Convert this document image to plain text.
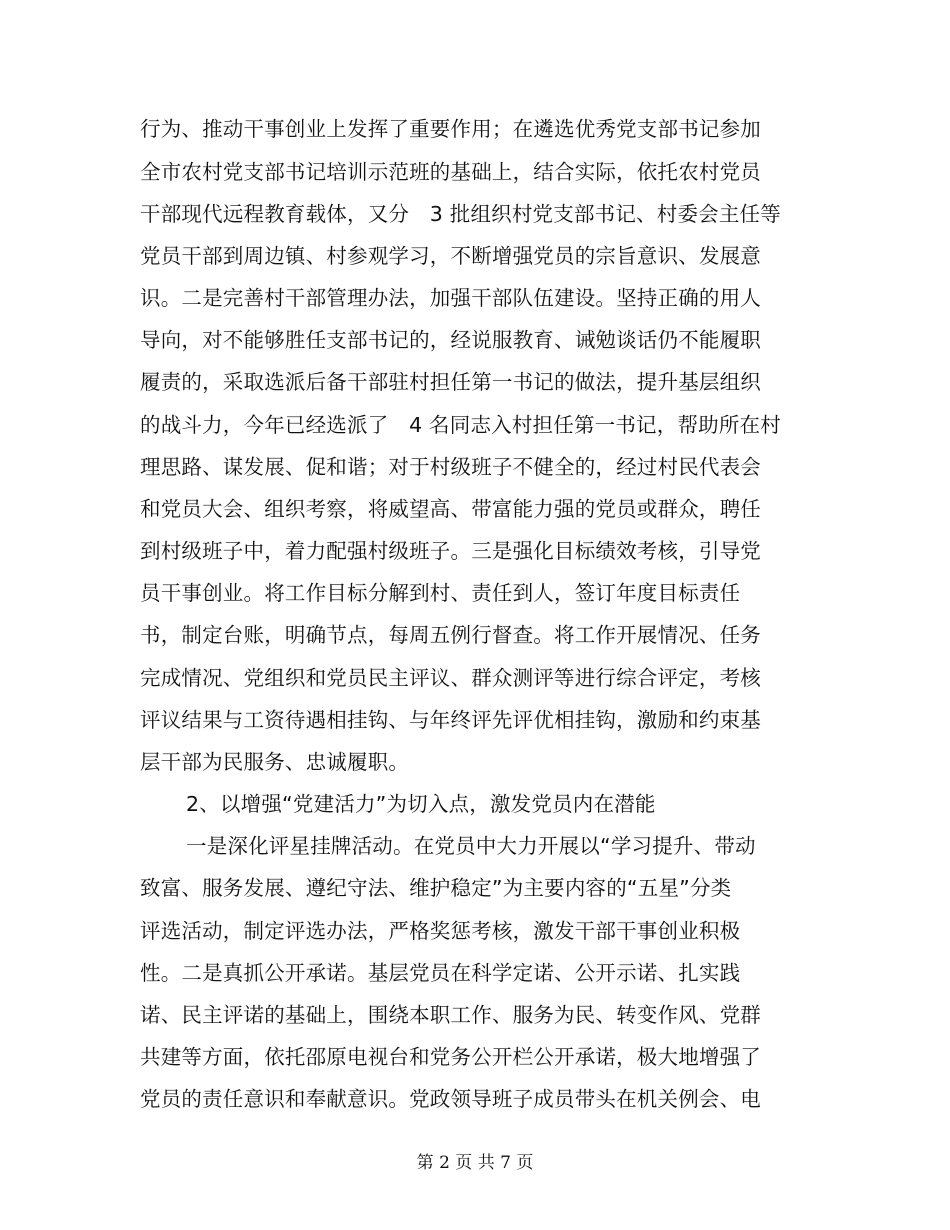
行为、推动干事创业上发挥了重要作用；在遴选优秀党支部书记参加
全市农村党支部书记培训示范班的基础上，结合实际，依托农村党员
干部现代远程教育载体，又分　3 批组织村党支部书记、村委会主任等
党员干部到周边镇、村参观学习，不断增强党员的宗旨意识、发展意
识。二是完善村干部管理办法，加强干部队伍建设。坚持正确的用人
导向，对不能够胜任支部书记的，经说服教育、诫勉谈话仍不能履职
履责的，采取选派后备干部驻村担任第一书记的做法，提升基层组织
的战斗力，今年已经选派了　4 名同志入村担任第一书记，帮助所在村
理思路、谋发展、促和谐；对于村级班子不健全的，经过村民代表会
和党员大会、组织考察，将威望高、带富能力强的党员或群众，聘任
到村级班子中，着力配强村级班子。三是强化目标绩效考核，引导党
员干事创业。将工作目标分解到村、责任到人，签订年度目标责任
书，制定台账，明确节点，每周五例行督查。将工作开展情况、任务
完成情况、党组织和党员民主评议、群众测评等进行综合评定，考核
评议结果与工资待遇相挂钩、与年终评先评优相挂钩，激励和约束基
层干部为民服务、忠诚履职。
2、以增强“党建活力”为切入点，激发党员内在潜能
一是深化评星挂牌活动。在党员中大力开展以“学习提升、带动
致富、服务发展、遵纪守法、维护稳定”为主要内容的“五星”分类
评选活动，制定评选办法，严格奖惩考核，激发干部干事创业积极
性。二是真抓公开承诺。基层党员在科学定诺、公开示诺、扎实践
诺、民主评诺的基础上，围绕本职工作、服务为民、转变作风、党群
共建等方面，依托邵原电视台和党务公开栏公开承诺，极大地增强了
党员的责任意识和奉献意识。党政领导班子成员带头在机关例会、电
第 2 页 共 7 页
